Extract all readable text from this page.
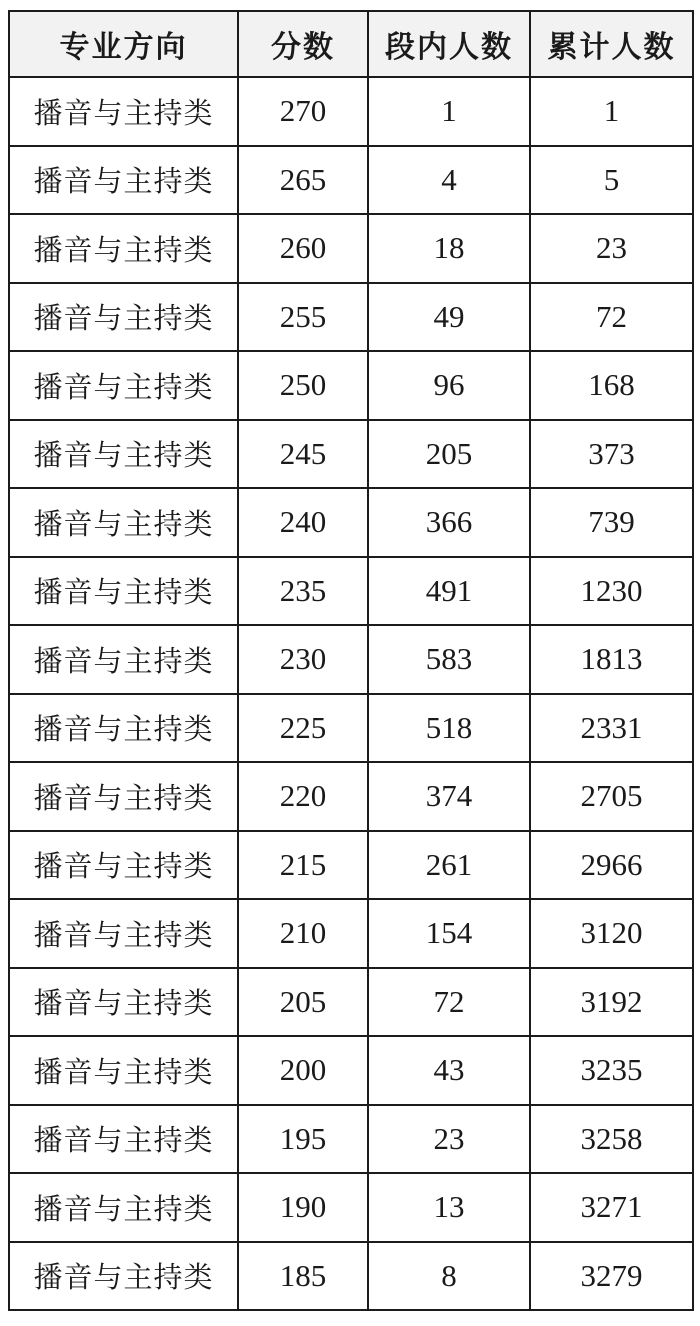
专业方向	分数	段内人数	累计人数
播音与主持类	270	1	1
播音与主持类	265	4	5
播音与主持类	260	18	23
播音与主持类	255	49	72
播音与主持类	250	96	168
播音与主持类	245	205	373
播音与主持类	240	366	739
播音与主持类	235	491	1230
播音与主持类	230	583	1813
播音与主持类	225	518	2331
播音与主持类	220	374	2705
播音与主持类	215	261	2966
播音与主持类	210	154	3120
播音与主持类	205	72	3192
播音与主持类	200	43	3235
播音与主持类	195	23	3258
播音与主持类	190	13	3271
播音与主持类	185	8	3279
